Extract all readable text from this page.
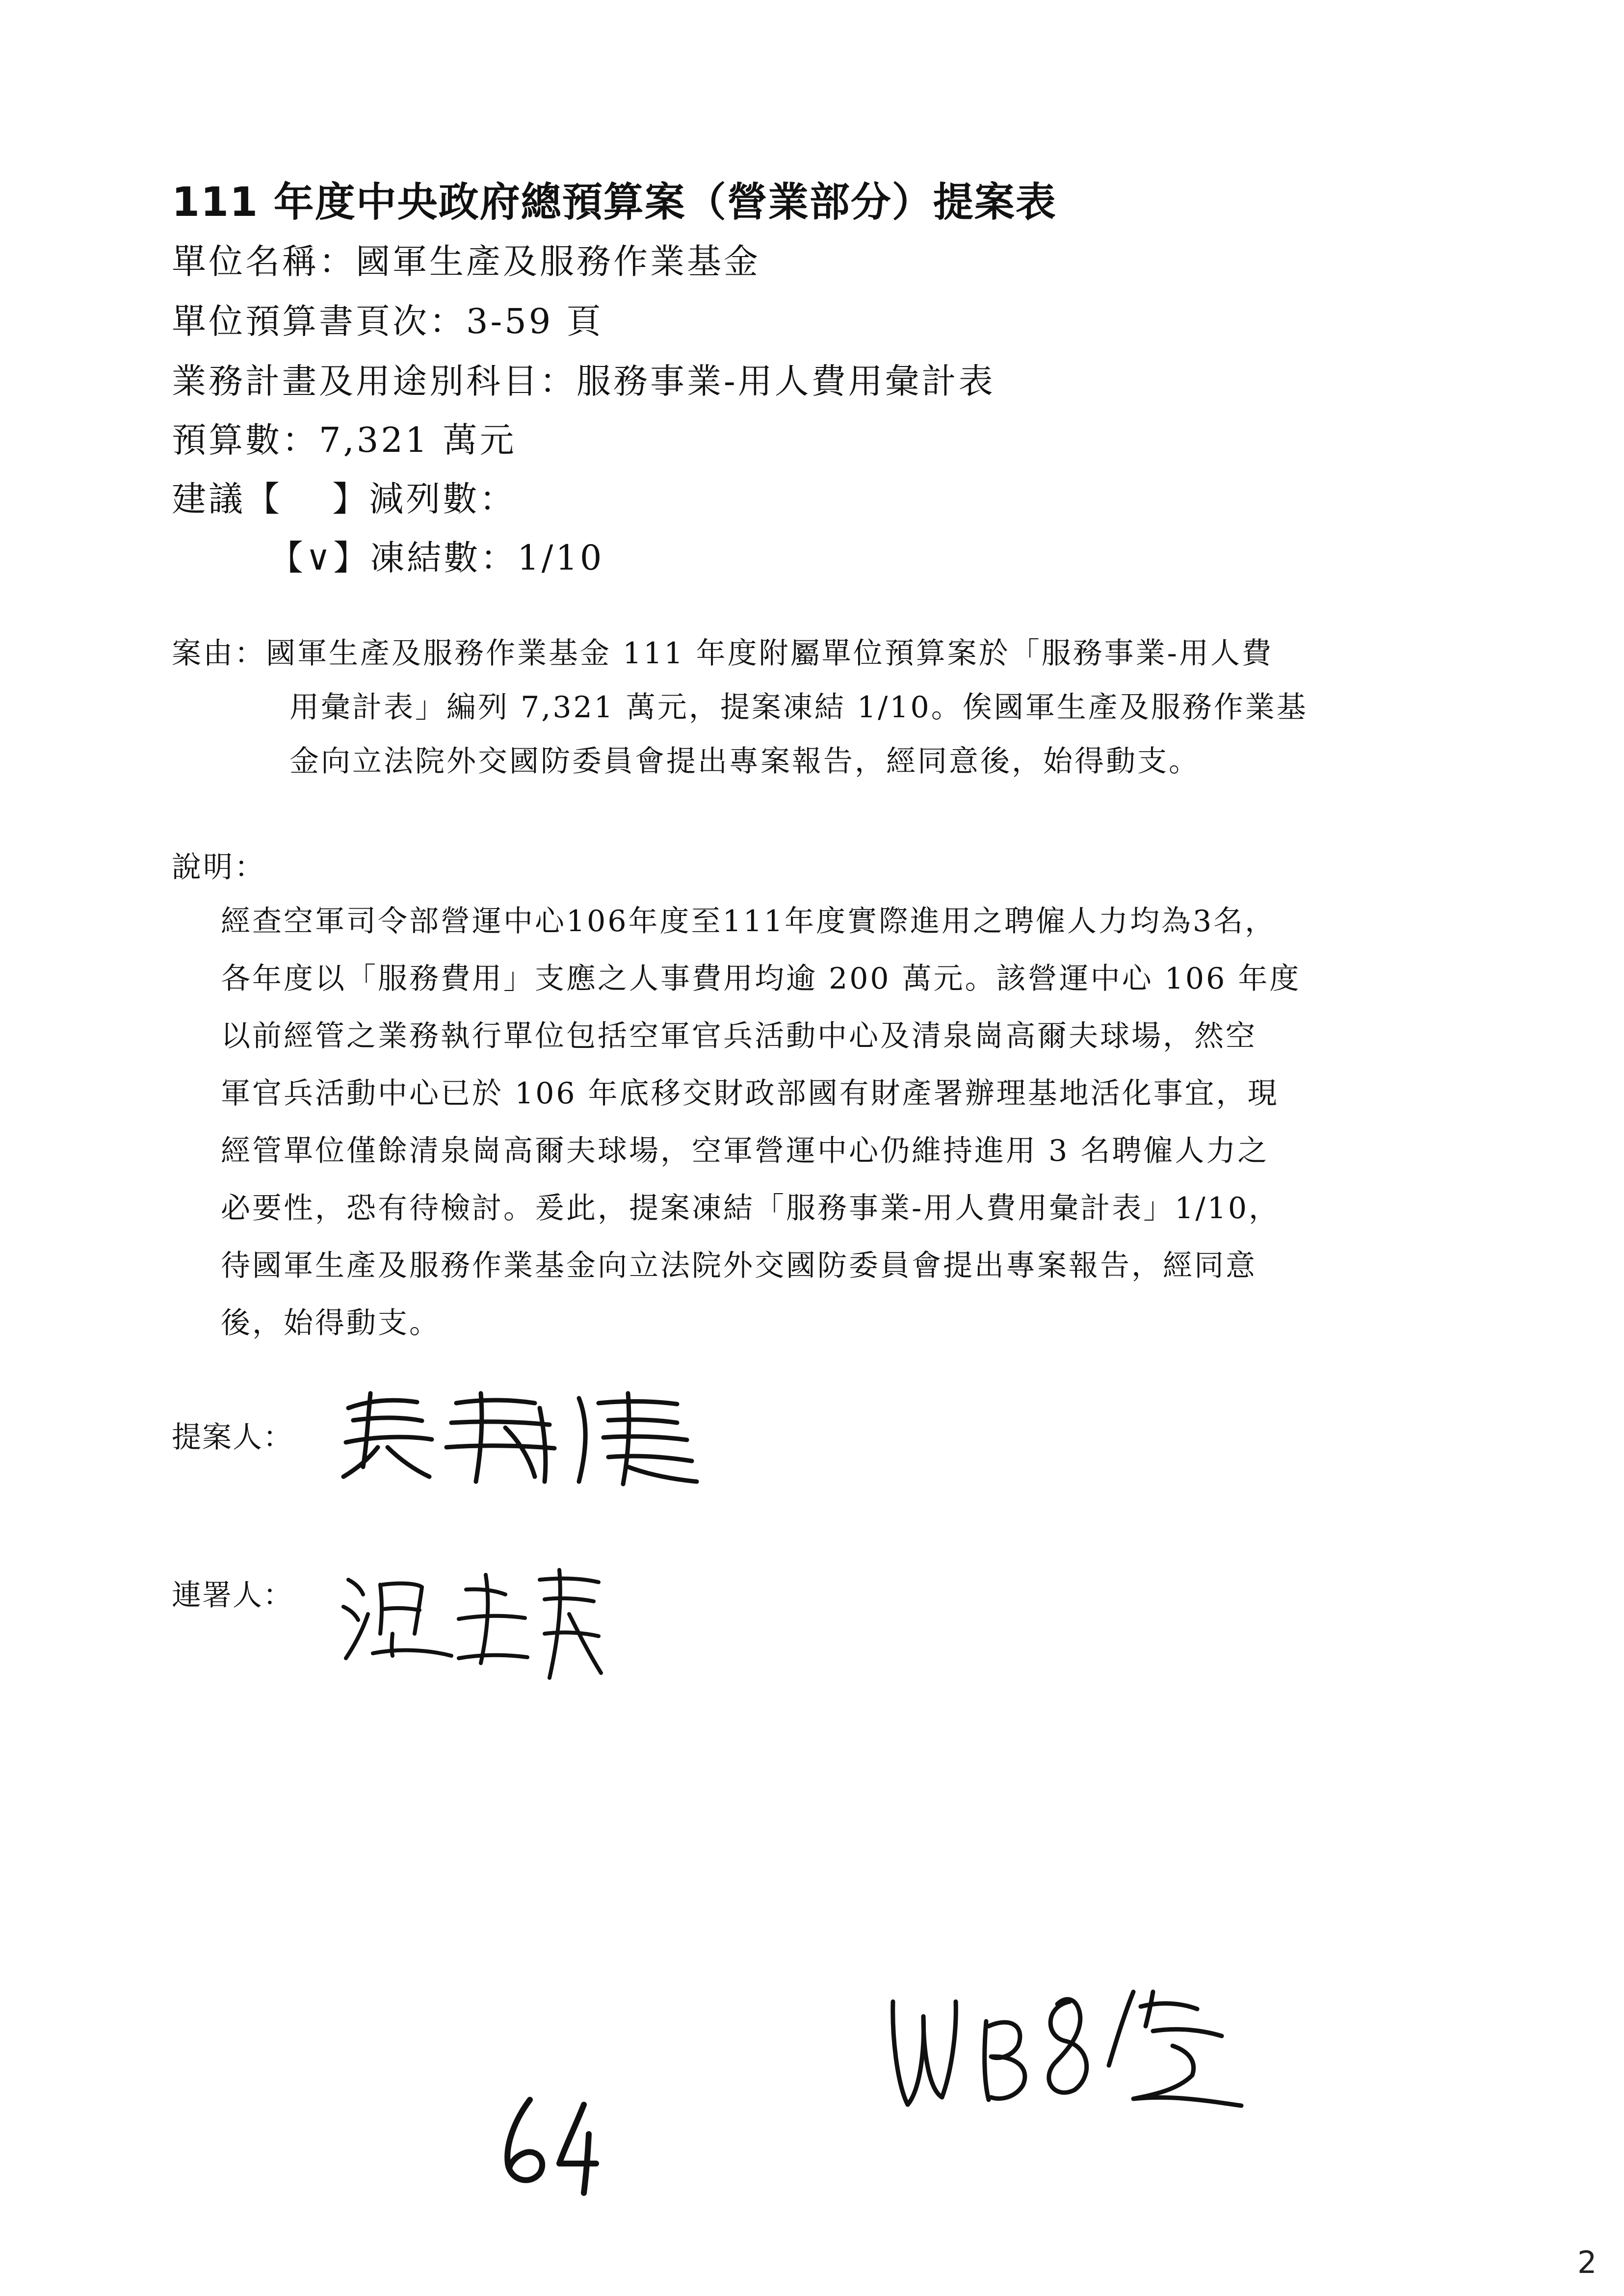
111 年度中央政府總預算案（營業部分）提案表
單位名稱：國軍生產及服務作業基金
單位預算書頁次：3-59 頁
業務計畫及用途別科目：服務事業-用人費用彙計表
預算數：7,321 萬元
建議【　 】減列數：
【∨】凍結數：1/10
案由：國軍生產及服務作業基金 111 年度附屬單位預算案於「服務事業-用人費
用彙計表」編列 7,321 萬元，提案凍結 1/10。俟國軍生產及服務作業基
金向立法院外交國防委員會提出專案報告，經同意後，始得動支。
說明：
經查空軍司令部營運中心106年度至111年度實際進用之聘僱人力均為3名，
各年度以「服務費用」支應之人事費用均逾 200 萬元。該營運中心 106 年度
以前經管之業務執行單位包括空軍官兵活動中心及清泉崗高爾夫球場，然空
軍官兵活動中心已於 106 年底移交財政部國有財產署辦理基地活化事宜，現
經管單位僅餘清泉崗高爾夫球場，空軍營運中心仍維持進用 3 名聘僱人力之
必要性，恐有待檢討。爰此，提案凍結「服務事業-用人費用彙計表」1/10，
待國軍生產及服務作業基金向立法院外交國防委員會提出專案報告，經同意
後，始得動支。
提案人：
連署人：
2
